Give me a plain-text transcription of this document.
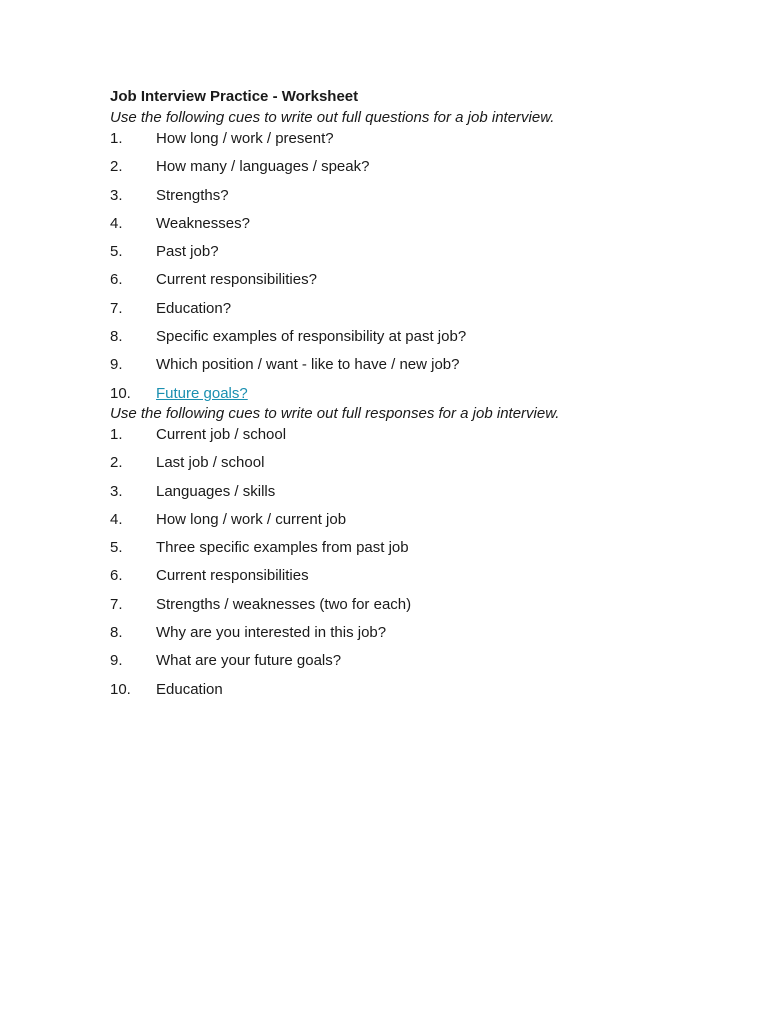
Job Interview Practice - Worksheet
Use the following cues to write out full questions for a job interview.
1. How long / work / present?
2. How many / languages / speak?
3. Strengths?
4. Weaknesses?
5. Past job?
6. Current responsibilities?
7. Education?
8. Specific examples of responsibility at past job?
9. Which position / want - like to have / new job?
10. Future goals?
Use the following cues to write out full responses for a job interview.
1. Current job / school
2. Last job / school
3. Languages / skills
4. How long / work / current job
5. Three specific examples from past job
6. Current responsibilities
7. Strengths / weaknesses (two for each)
8. Why are you interested in this job?
9. What are your future goals?
10. Education
